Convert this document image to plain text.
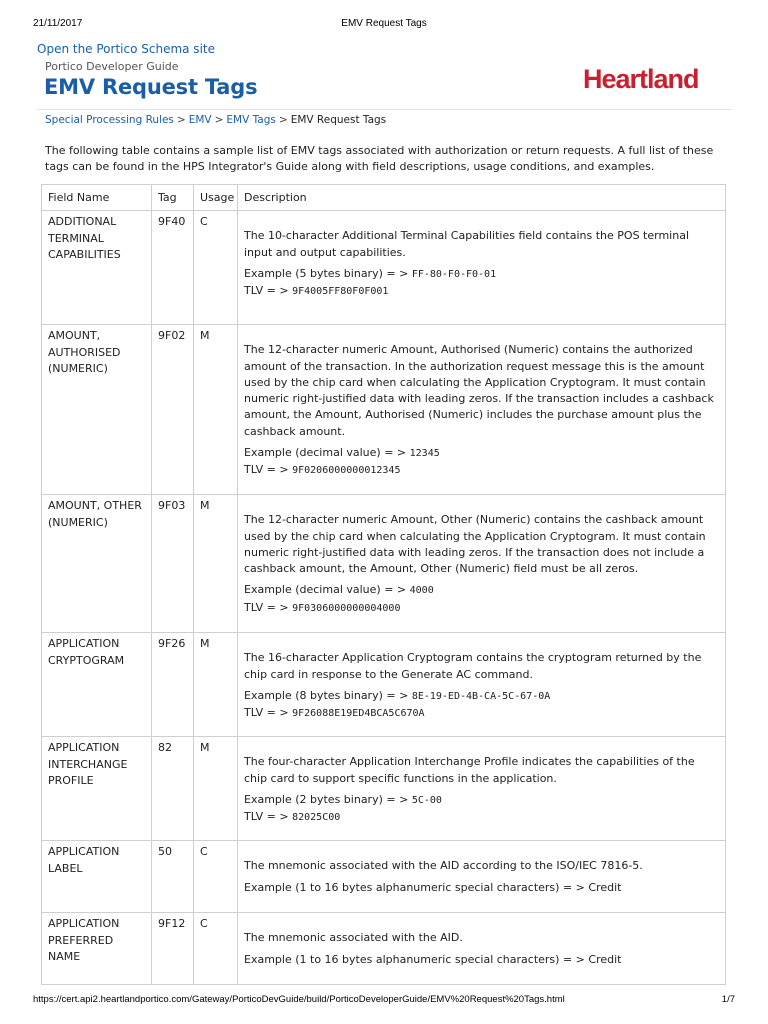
21/11/2017	EMV Request Tags
Open the Portico Schema site
Portico Developer Guide
EMV Request Tags	Heartland
Special Processing Rules > EMV > EMV Tags > EMV Request Tags

The following table contains a sample list of EMV tags associated with authorization or return requests. A full list of these tags can be found in the HPS Integrator's Guide along with field descriptions, usage conditions, and examples.

Field Name	Tag	Usage	Description
ADDITIONAL TERMINAL CAPABILITIES	9F40	C	The 10-character Additional Terminal Capabilities field contains the POS terminal input and output capabilities.
Example (5 bytes binary) = > FF-80-F0-F0-01
TLV = > 9F4005FF80F0F001

AMOUNT, AUTHORISED (NUMERIC)	9F02	M	The 12-character numeric Amount, Authorised (Numeric) contains the authorized amount of the transaction. In the authorization request message this is the amount used by the chip card when calculating the Application Cryptogram. It must contain numeric right-justified data with leading zeros. If the transaction includes a cashback amount, the Amount, Authorised (Numeric) includes the purchase amount plus the cashback amount.
Example (decimal value) = > 12345
TLV = > 9F0206000000012345

AMOUNT, OTHER (NUMERIC)	9F03	M	The 12-character numeric Amount, Other (Numeric) contains the cashback amount used by the chip card when calculating the Application Cryptogram. It must contain numeric right-justified data with leading zeros. If the transaction does not include a cashback amount, the Amount, Other (Numeric) field must be all zeros.
Example (decimal value) = > 4000
TLV = > 9F0306000000004000

APPLICATION CRYPTOGRAM	9F26	M	The 16-character Application Cryptogram contains the cryptogram returned by the chip card in response to the Generate AC command.
Example (8 bytes binary) = > 8E-19-ED-4B-CA-5C-67-0A
TLV = > 9F26088E19ED4BCA5C670A

APPLICATION INTERCHANGE PROFILE	82	M	The four-character Application Interchange Profile indicates the capabilities of the chip card to support specific functions in the application.
Example (2 bytes binary) = > 5C-00
TLV = > 82025C00

APPLICATION LABEL	50	C	The mnemonic associated with the AID according to the ISO/IEC 7816-5.
Example (1 to 16 bytes alphanumeric special characters) = > Credit

APPLICATION PREFERRED NAME	9F12	C	The mnemonic associated with the AID.
Example (1 to 16 bytes alphanumeric special characters) = > Credit
https://cert.api2.heartlandportico.com/Gateway/PorticoDevGuide/build/PorticoDeveloperGuide/EMV%20Request%20Tags.html	1/7
